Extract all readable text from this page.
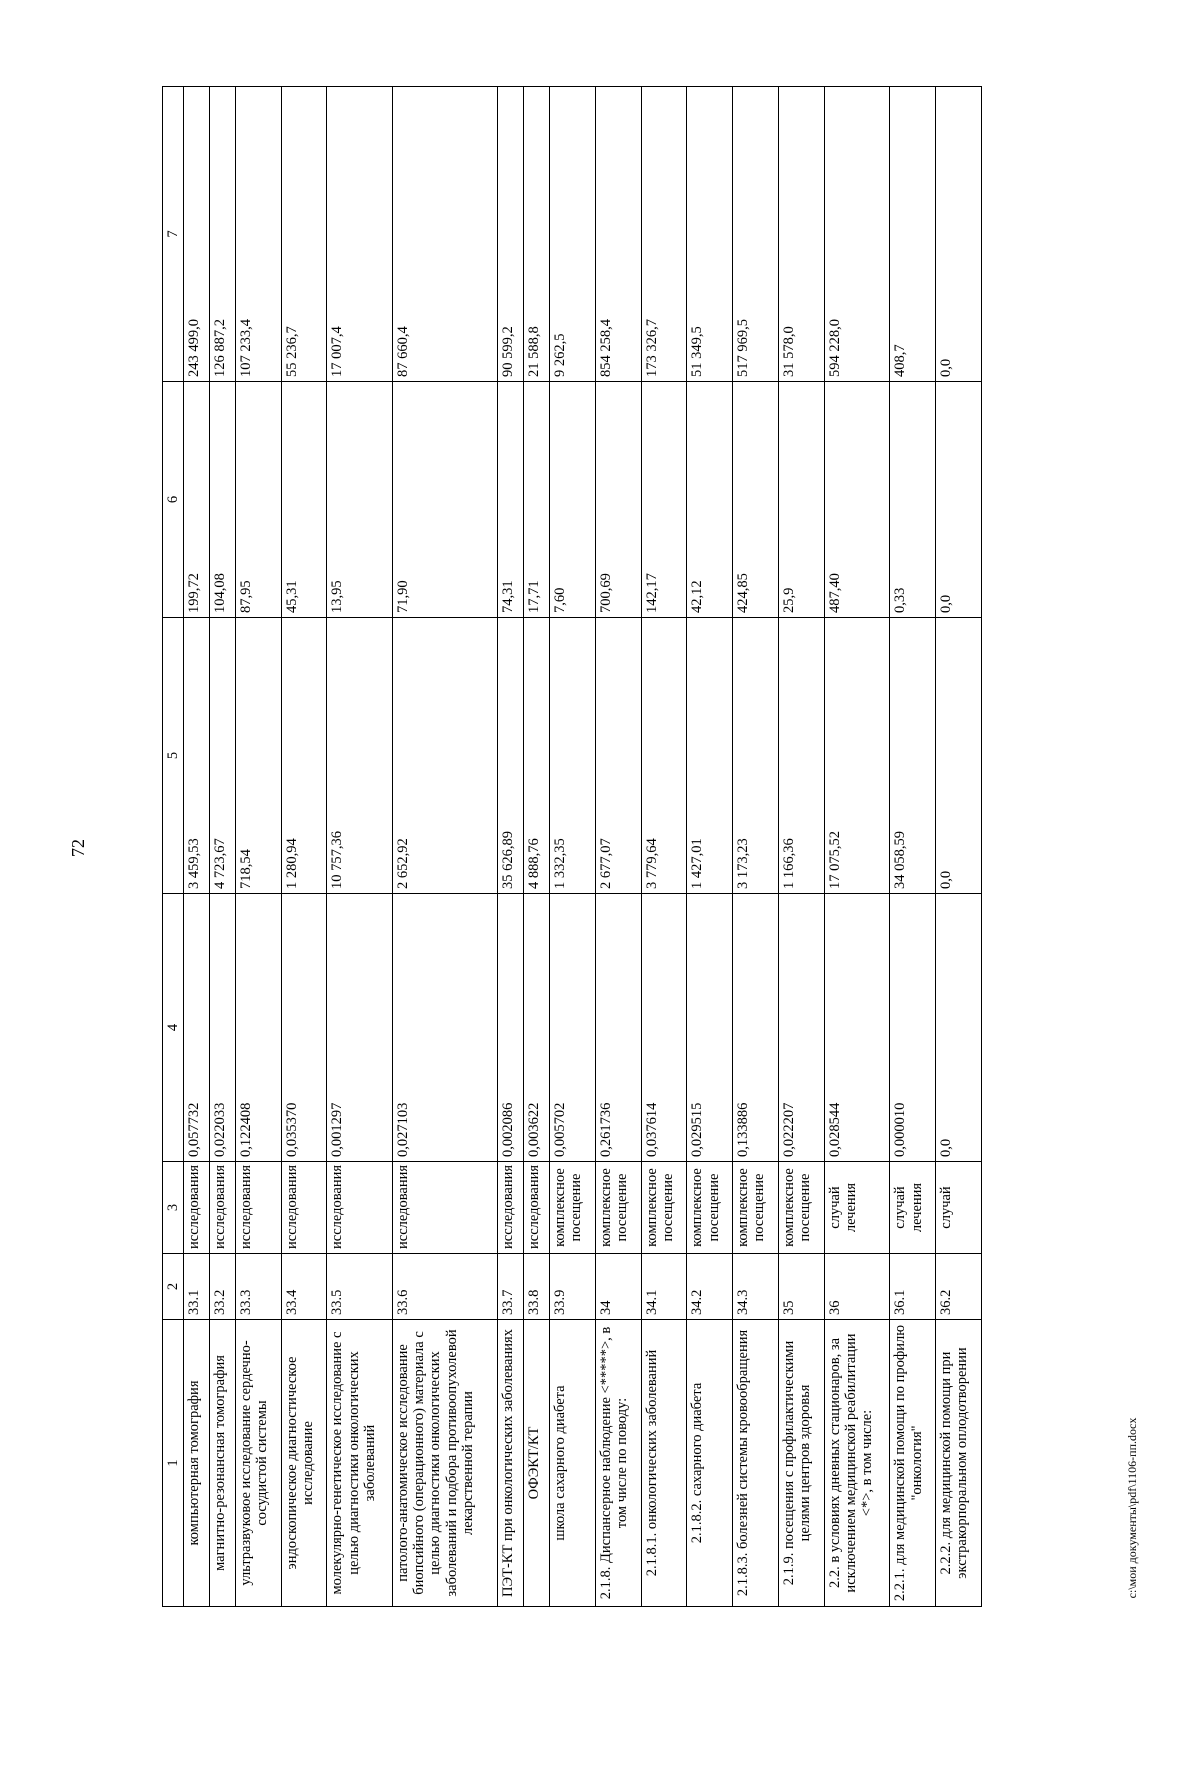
72
1	2	3	4	5	6	7
компьютерная томография	33.1	исследования	0,057732	3 459,53	199,72	243 499,0
магнитно-резонансная томография	33.2	исследования	0,022033	4 723,67	104,08	126 887,2
ультразвуковое исследование сердечно-сосудистой системы	33.3	исследования	0,122408	718,54	87,95	107 233,4
эндоскопическое диагностическое исследование	33.4	исследования	0,035370	1 280,94	45,31	55 236,7
молекулярно-генетическое исследование с целью диагностики онкологических заболеваний	33.5	исследования	0,001297	10 757,36	13,95	17 007,4
патолого-анатомическое исследование биопсийного (операционного) материала с целью диагностики онкологических заболеваний и подбора противоопухолевой лекарственной терапии	33.6	исследования	0,027103	2 652,92	71,90	87 660,4
ПЭТ-КТ при онкологических заболеваниях	33.7	исследования	0,002086	35 626,89	74,31	90 599,2
ОФЭКТ/КТ	33.8	исследования	0,003622	4 888,76	17,71	21 588,8
школа сахарного диабета	33.9	комплексное посещение	0,005702	1 332,35	7,60	9 262,5
2.1.8. Диспансерное наблюдение <*****>, в том числе по поводу:	34	комплексное посещение	0,261736	2 677,07	700,69	854 258,4
2.1.8.1. онкологических заболеваний	34.1	комплексное посещение	0,037614	3 779,64	142,17	173 326,7
2.1.8.2. сахарного диабета	34.2	комплексное посещение	0,029515	1 427,01	42,12	51 349,5
2.1.8.3. болезней системы кровообращения	34.3	комплексное посещение	0,133886	3 173,23	424,85	517 969,5
2.1.9. посещения с профилактическими целями центров здоровья	35	комплексное посещение	0,022207	1 166,36	25,9	31 578,0
2.2. в условиях дневных стационаров, за исключением медицинской реабилитации <*>, в том числе:	36	случай лечения	0,028544	17 075,52	487,40	594 228,0
2.2.1. для медицинской помощи по профилю "онкология"	36.1	случай лечения	0,000010	34 058,59	0,33	408,7
2.2.2. для медицинской помощи при экстракорпоральном оплодотворении	36.2	случай	0,0	0,0	0,0	0,0
c:\мои документы\pdf\1106-пп.docx
